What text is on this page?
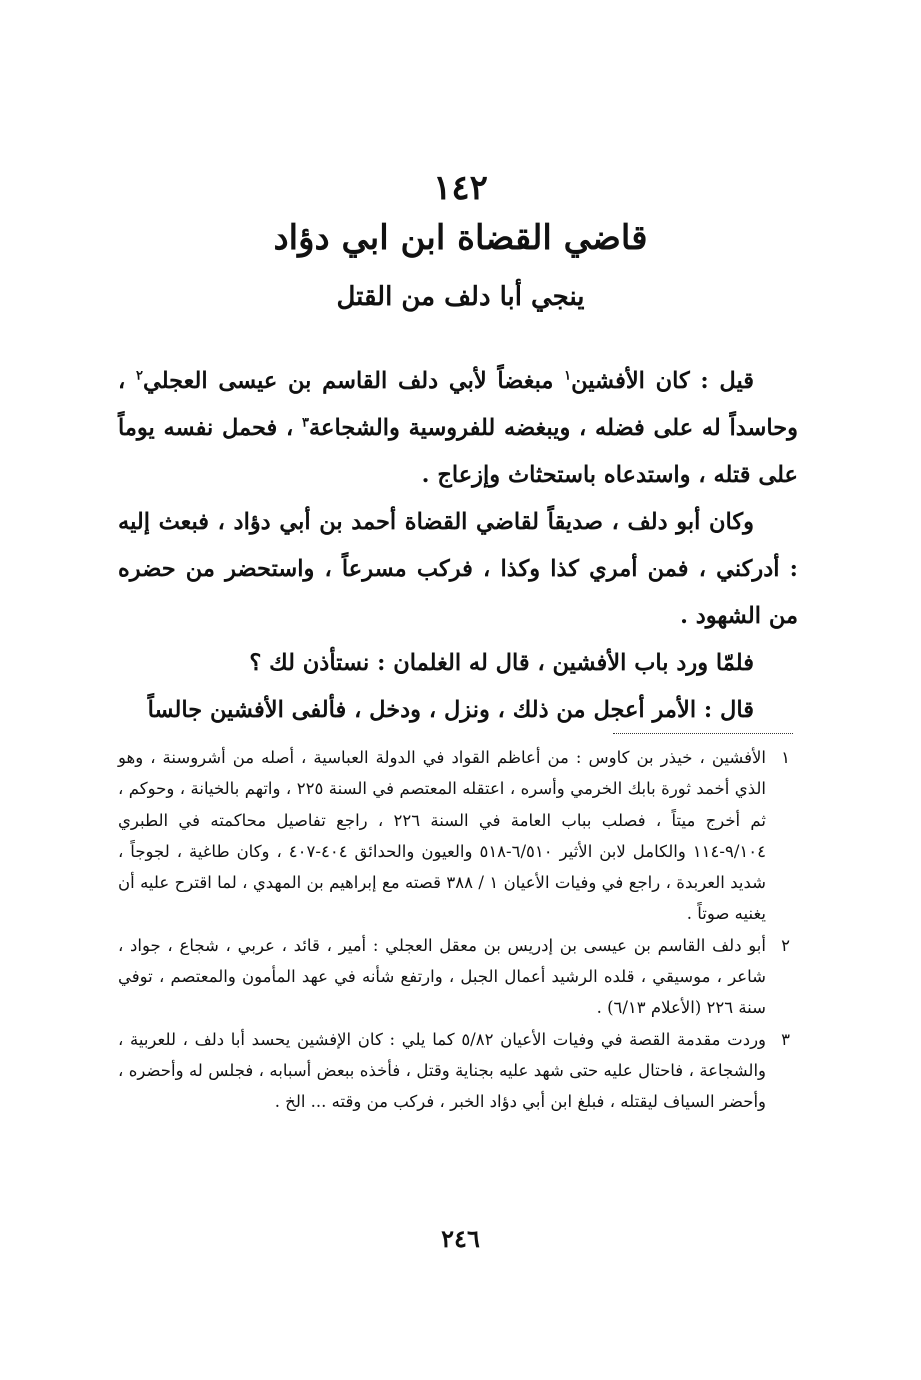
١٤٢
قاضي القضاة ابن ابي دؤاد
ينجي أبا دلف من القتل

قيل : كان الأفشين$^١$ مبغضاً لأبي دلف القاسم بن عيسى العجلي$^٢$ ، وحاسداً له على فضله ، ويبغضه للفروسية والشجاعة$^٣$ ، فحمل نفسه يوماً على قتله ، واستدعاه باستحثاث وإزعاج .

وكان أبو دلف ، صديقاً لقاضي القضاة أحمد بن أبي دؤاد ، فبعث إليه : أدركني ، فمن أمري كذا وكذا ، فركب مسرعاً ، واستحضر من حضره من الشهود .

فلمّا ورد باب الأفشين ، قال له الغلمان : نستأذن لك ؟

قال : الأمر أعجل من ذلك ، ونزل ، ودخل ، فألفى الأفشين جالساً

١
الأفشين ، خيذر بن كاوس : من أعاظم القواد في الدولة العباسية ، أصله من أشروسنة ، وهو الذي أخمد ثورة بابك الخرمي وأسره ، اعتقله المعتصم في السنة ٢٢٥ ، واتهم بالخيانة ، وحوكم ، ثم أخرج ميتاً ، فصلب بباب العامة في السنة ٢٢٦ ، راجع تفاصيل محاكمته في الطبري ٩/١٠٤-١١٤ والكامل لابن الأثير ٦/٥١٠-٥١٨ والعيون والحدائق ٤٠٤-٤٠٧ ، وكان طاغية ، لجوجاً ، شديد العربدة ، راجع في وفيات الأعيان ١ / ٣٨٨ قصته مع إبراهيم بن المهدي ، لما اقترح عليه أن يغنيه صوتاً .
٢
أبو دلف القاسم بن عيسى بن إدريس بن معقل العجلي : أمير ، قائد ، عربي ، شجاع ، جواد ، شاعر ، موسيقي ، قلده الرشيد أعمال الجبل ، وارتفع شأنه في عهد المأمون والمعتصم ، توفي سنة ٢٢٦ (الأعلام ٦/١٣) .
٣
وردت مقدمة القصة في وفيات الأعيان ٥/٨٢ كما يلي : كان الإفشين يحسد أبا دلف ، للعربية ، والشجاعة ، فاحتال عليه حتى شهد عليه بجناية وقتل ، فأخذه ببعض أسبابه ، فجلس له وأحضره ، وأحضر السياف ليقتله ، فبلغ ابن أبي دؤاد الخبر ، فركب من وقته ... الخ .
٢٤٦
